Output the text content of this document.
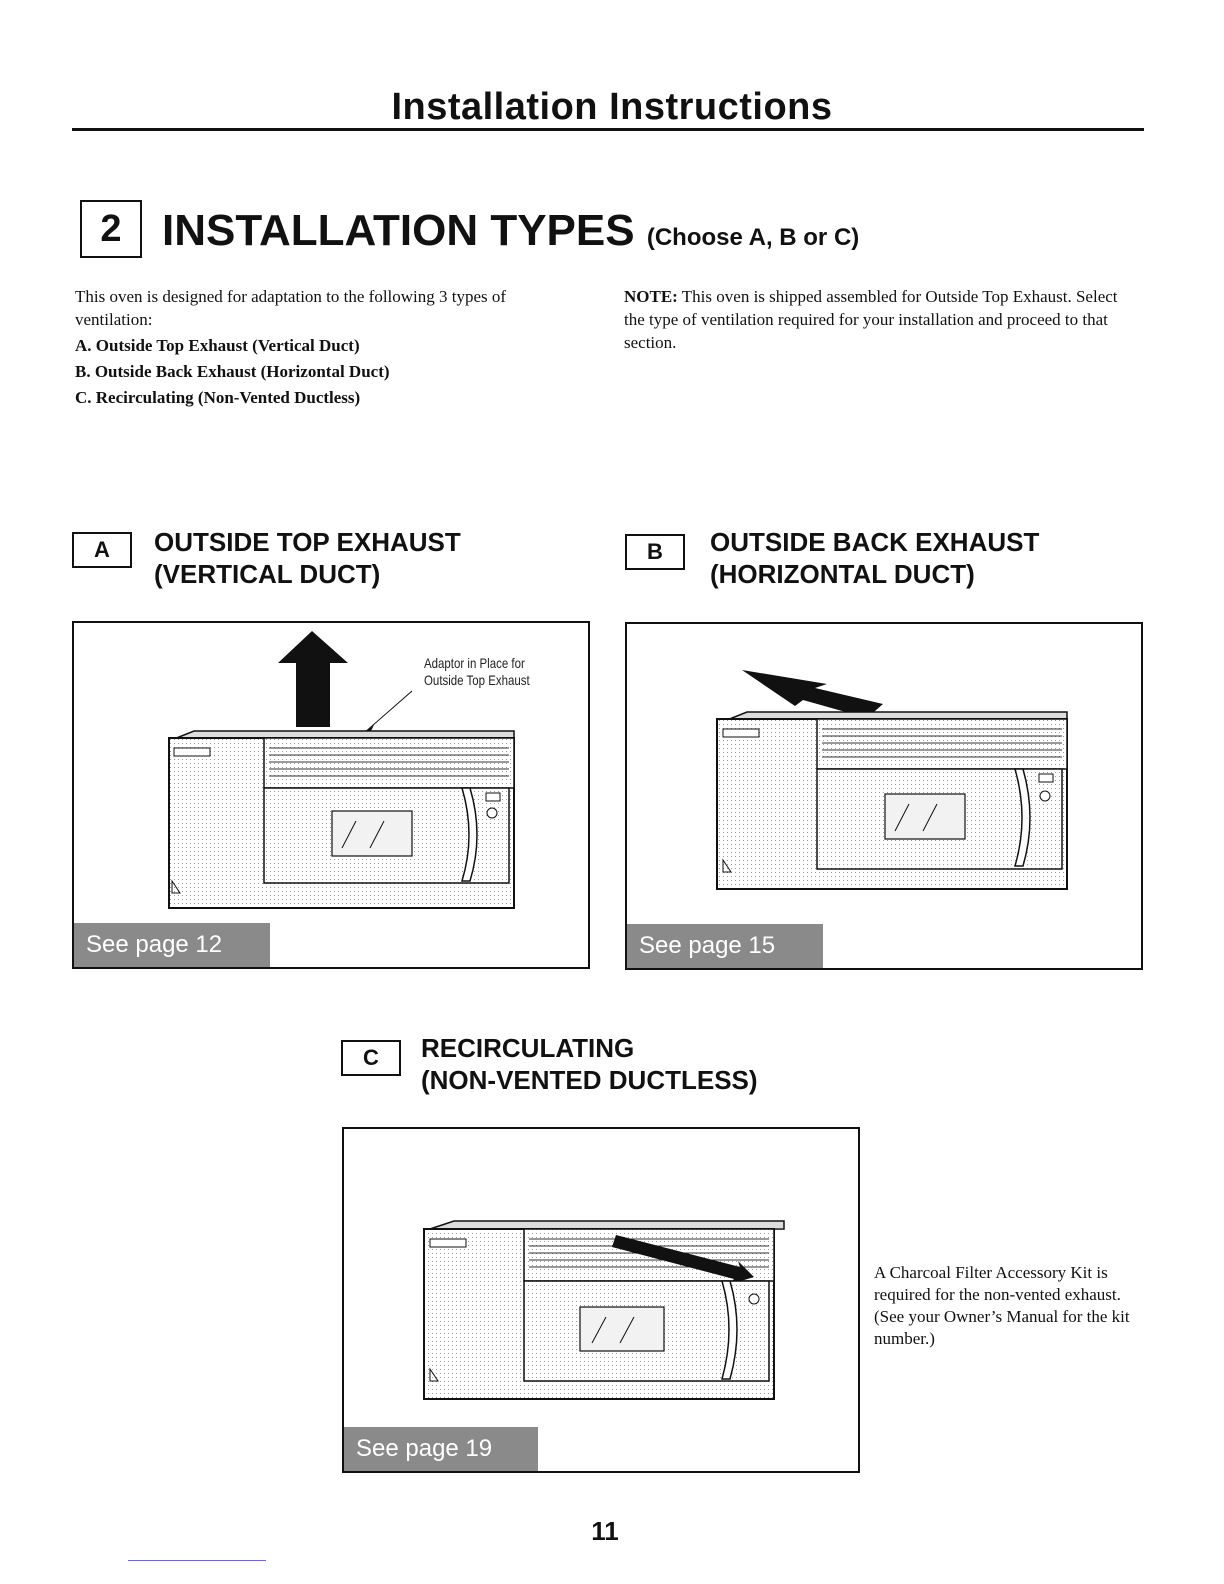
Installation Instructions
2 INSTALLATION TYPES (Choose A, B or C)
This oven is designed for adaptation to the following 3 types of ventilation:
A. Outside Top Exhaust (Vertical Duct)
B. Outside Back Exhaust (Horizontal Duct)
C. Recirculating (Non-Vented Ductless)
NOTE: This oven is shipped assembled for Outside Top Exhaust. Select the type of ventilation required for your installation and proceed to that section.
A	OUTSIDE TOP EXHAUST
(VERTICAL DUCT)
B	OUTSIDE BACK EXHAUST
(HORIZONTAL DUCT)
Adaptor in Place for
Outside Top Exhaust
See page 12	See page 15
C	RECIRCULATING
(NON-VENTED DUCTLESS)
See page 19
A Charcoal Filter Accessory Kit is required for the non-vented exhaust. (See your Owner’s Manual for the kit number.)
11
